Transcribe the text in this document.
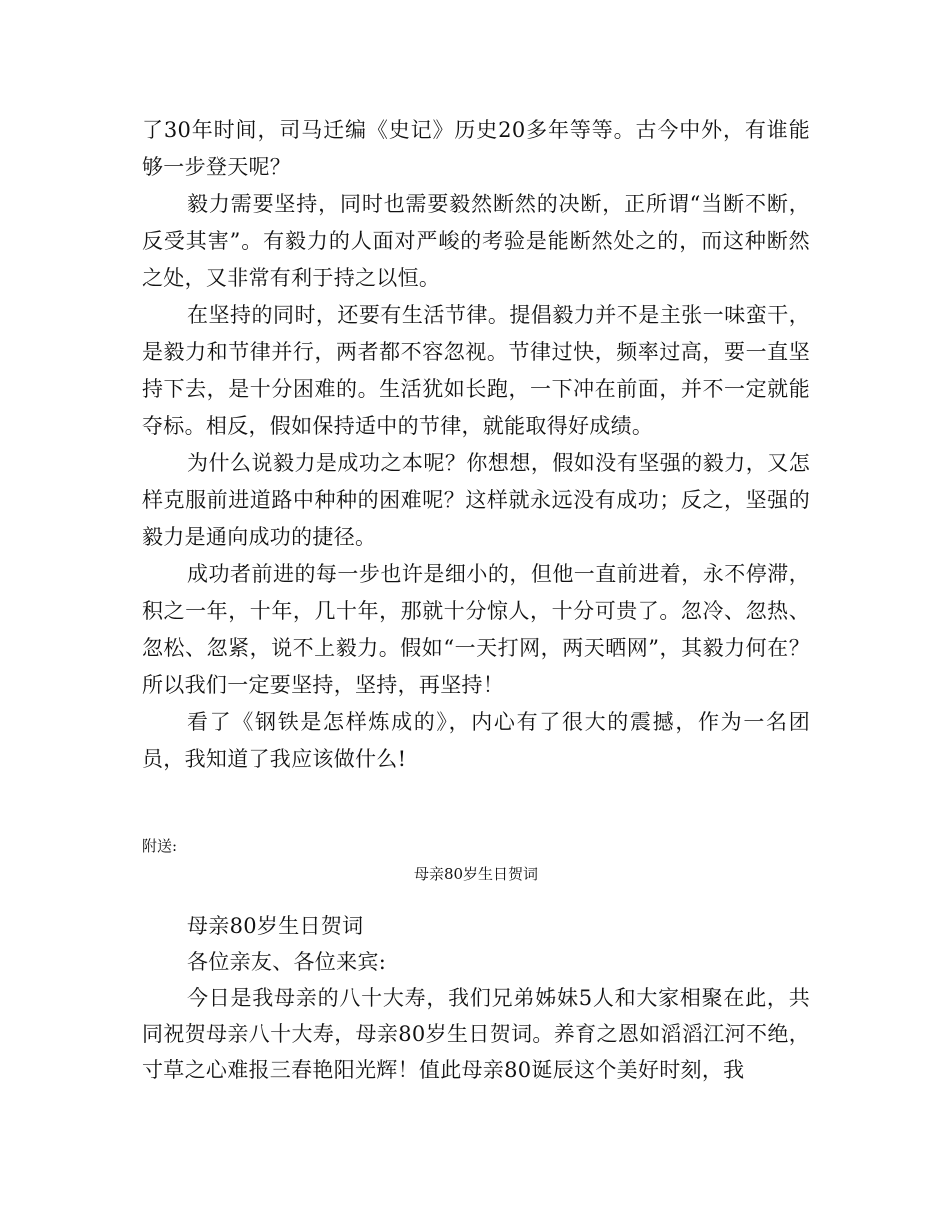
了30年时间，司马迁编《史记》历史20多年等等。古今中外，有谁能够一步登天呢？

毅力需要坚持，同时也需要毅然断然的决断，正所谓“当断不断，反受其害”。有毅力的人面对严峻的考验是能断然处之的，而这种断然之处，又非常有利于持之以恒。

在坚持的同时，还要有生活节律。提倡毅力并不是主张一味蛮干，是毅力和节律并行，两者都不容忽视。节律过快，频率过高，要一直坚持下去，是十分困难的。生活犹如长跑，一下冲在前面，并不一定就能夺标。相反，假如保持适中的节律，就能取得好成绩。

为什么说毅力是成功之本呢？你想想，假如没有坚强的毅力，又怎样克服前进道路中种种的困难呢？这样就永远没有成功；反之，坚强的毅力是通向成功的捷径。

成功者前进的每一步也许是细小的，但他一直前进着，永不停滞，积之一年，十年，几十年，那就十分惊人，十分可贵了。忽冷、忽热、忽松、忽紧，说不上毅力。假如“一天打网，两天晒网”，其毅力何在？所以我们一定要坚持，坚持，再坚持！

看了《钢铁是怎样炼成的》，内心有了很大的震撼，作为一名团员，我知道了我应该做什么!

附送:
母亲80岁生日贺词

母亲80岁生日贺词

各位亲友、各位来宾:

今日是我母亲的八十大寿，我们兄弟姊妹5人和大家相聚在此，共同祝贺母亲八十大寿，母亲80岁生日贺词。养育之恩如滔滔江河不绝，寸草之心难报三春艳阳光辉！值此母亲80诞辰这个美好时刻，我
